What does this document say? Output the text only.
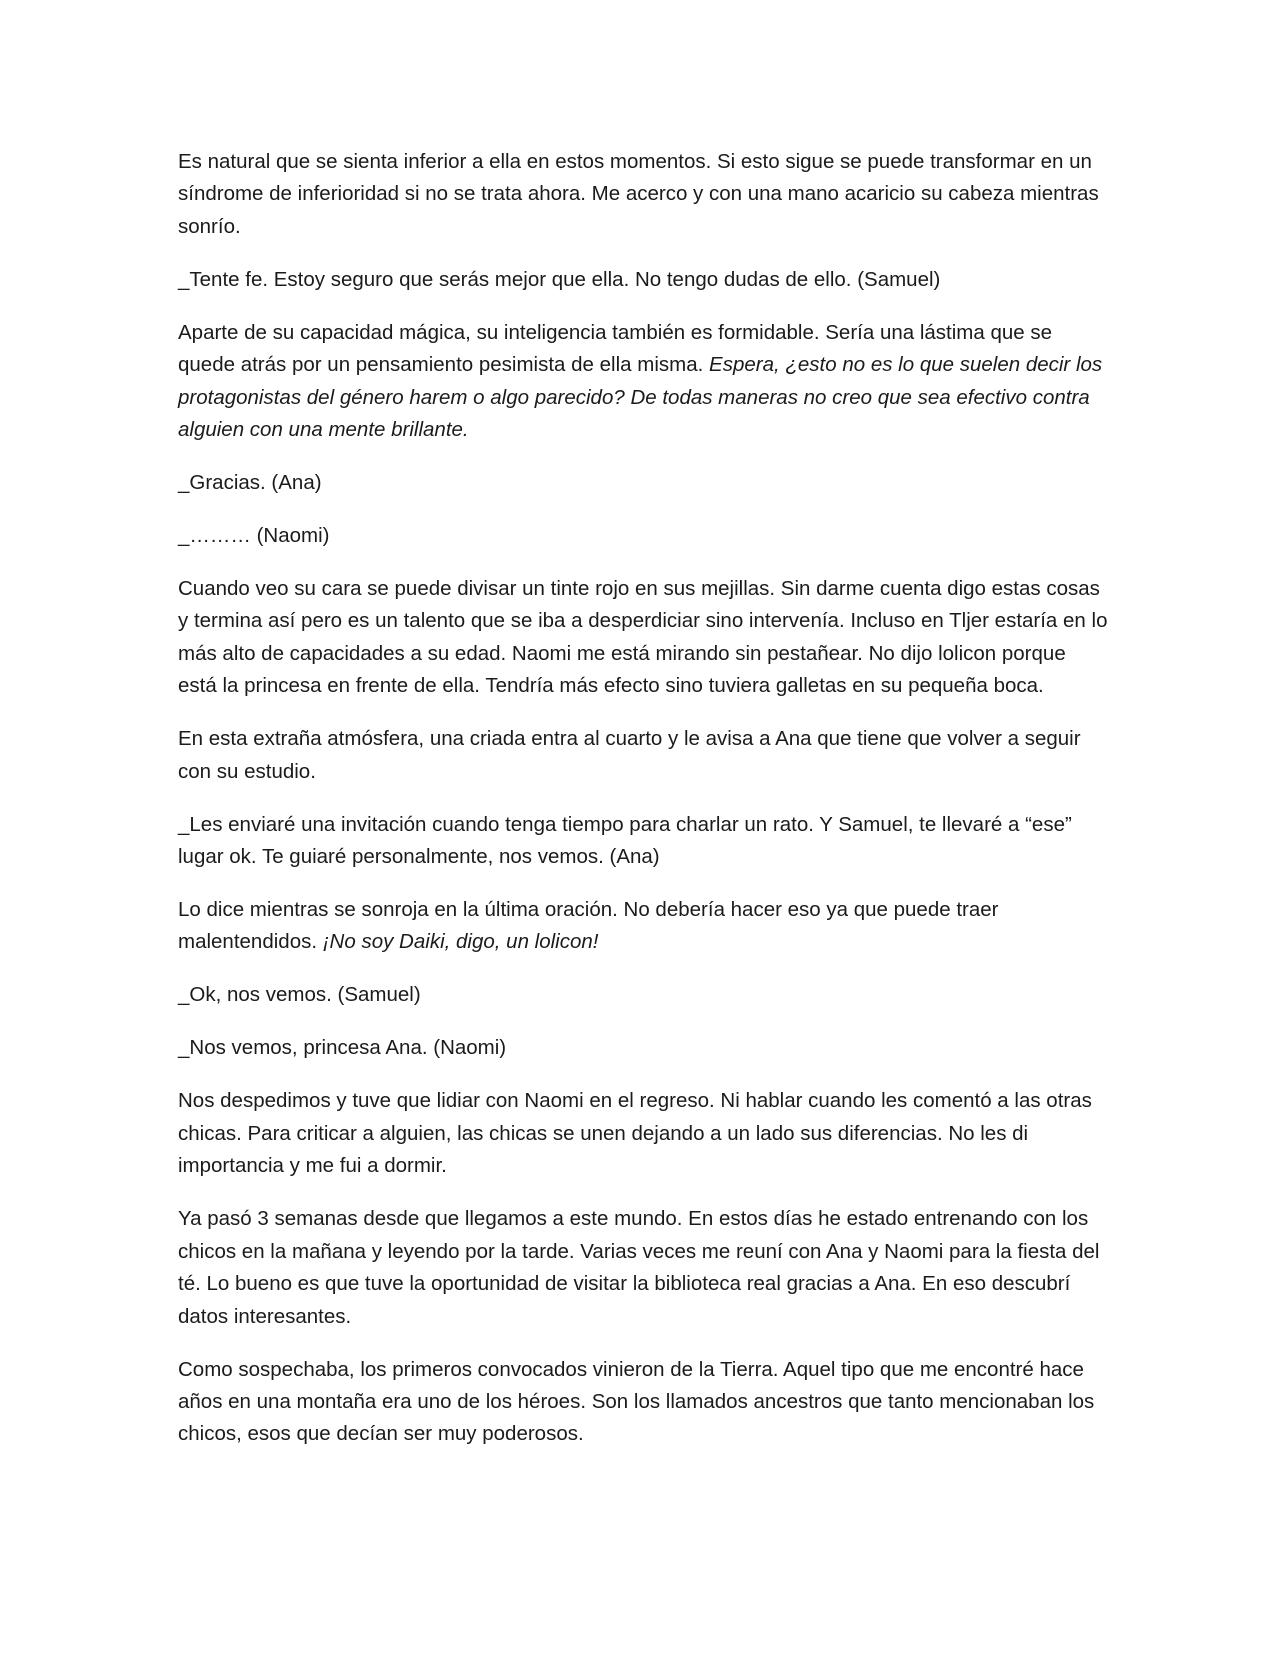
Es natural que se sienta inferior a ella en estos momentos. Si esto sigue se puede transformar en un síndrome de inferioridad si no se trata ahora. Me acerco y con una mano acaricio su cabeza mientras sonrío.

_Tente fe. Estoy seguro que serás mejor que ella. No tengo dudas de ello. (Samuel)

Aparte de su capacidad mágica, su inteligencia también es formidable. Sería una lástima que se quede atrás por un pensamiento pesimista de ella misma. Espera, ¿esto no es lo que suelen decir los protagonistas del género harem o algo parecido? De todas maneras no creo que sea efectivo contra alguien con una mente brillante.

_Gracias. (Ana)

_……… (Naomi)

Cuando veo su cara se puede divisar un tinte rojo en sus mejillas. Sin darme cuenta digo estas cosas y termina así pero es un talento que se iba a desperdiciar sino intervenía. Incluso en Tljer estaría en lo más alto de capacidades a su edad. Naomi me está mirando sin pestañear. No dijo lolicon porque está la princesa en frente de ella. Tendría más efecto sino tuviera galletas en su pequeña boca.

En esta extraña atmósfera, una criada entra al cuarto y le avisa a Ana que tiene que volver a seguir con su estudio.

_Les enviaré una invitación cuando tenga tiempo para charlar un rato. Y Samuel, te llevaré a “ese” lugar ok. Te guiaré personalmente, nos vemos. (Ana)

Lo dice mientras se sonroja en la última oración. No debería hacer eso ya que puede traer malentendidos. ¡No soy Daiki, digo, un lolicon!

_Ok, nos vemos. (Samuel)

_Nos vemos, princesa Ana. (Naomi)

Nos despedimos y tuve que lidiar con Naomi en el regreso. Ni hablar cuando les comentó a las otras chicas. Para criticar a alguien, las chicas se unen dejando a un lado sus diferencias. No les di importancia y me fui a dormir.

Ya pasó 3 semanas desde que llegamos a este mundo. En estos días he estado entrenando con los chicos en la mañana y leyendo por la tarde. Varias veces me reuní con Ana y Naomi para la fiesta del té. Lo bueno es que tuve la oportunidad de visitar la biblioteca real gracias a Ana. En eso descubrí datos interesantes.

Como sospechaba, los primeros convocados vinieron de la Tierra. Aquel tipo que me encontré hace años en una montaña era uno de los héroes. Son los llamados ancestros que tanto mencionaban los chicos, esos que decían ser muy poderosos.
